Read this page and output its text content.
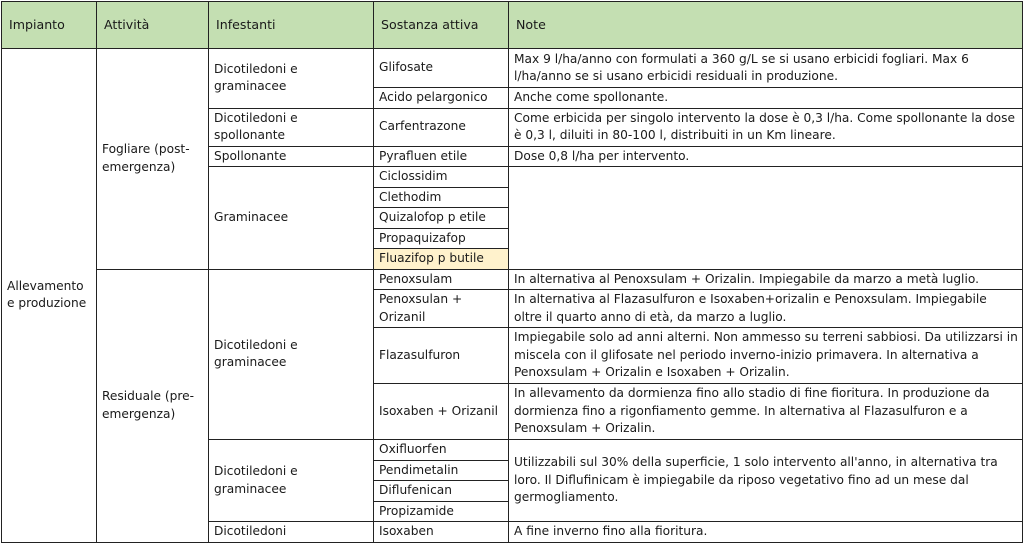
Impianto	Attività	Infestanti	Sostanza attiva	Note
Allevamento e produzione	Fogliare (post-emergenza)	Dicotiledoni e graminacee	Glifosate	Max 9 l/ha/anno con formulati a 360 g/L se si usano erbicidi fogliari. Max 6 l/ha/anno se si usano erbicidi residuali in produzione.
			Acido pelargonico	Anche come spollonante.
		Dicotiledoni e spollonante	Carfentrazone	Come erbicida per singolo intervento la dose è 0,3 l/ha. Come spollonante la dose è 0,3 l, diluiti in 80-100 l, distribuiti in un Km lineare.
		Spollonante	Pyrafluen etile	Dose 0,8 l/ha per intervento.
		Graminacee	Ciclossidim	
			Clethodim	
			Quizalofop p etile	
			Propaquizafop	
			Fluazifop p butile	
	Residuale (pre-emergenza)	Dicotiledoni e graminacee	Penoxsulam	In alternativa al Penoxsulam + Orizalin. Impiegabile da marzo a metà luglio.
			Penoxsulan + Orizanil	In alternativa al Flazasulfuron e Isoxaben+orizalin e Penoxsulam. Impiegabile oltre il quarto anno di età, da marzo a luglio.
			Flazasulfuron	Impiegabile solo ad anni alterni. Non ammesso su terreni sabbiosi. Da utilizzarsi in miscela con il glifosate nel periodo inverno-inizio primavera. In alternativa a Penoxsulam + Orizalin e Isoxaben + Orizalin.
			Isoxaben + Orizanil	In allevamento da dormienza fino allo stadio di fine fioritura. In produzione da dormienza fino a rigonfiamento gemme. In alternativa al Flazasulfuron e a Penoxsulam + Orizalin.
		Dicotiledoni e graminacee	Oxifluorfen	Utilizzabili sul 30% della superficie, 1 solo intervento all'anno, in alternativa tra loro. Il Diflufinicam è impiegabile da riposo vegetativo fino ad un mese dal germogliamento.
			Pendimetalin	
			Diflufenican	
			Propizamide	
		Dicotiledoni	Isoxaben	A fine inverno fino alla fioritura.
